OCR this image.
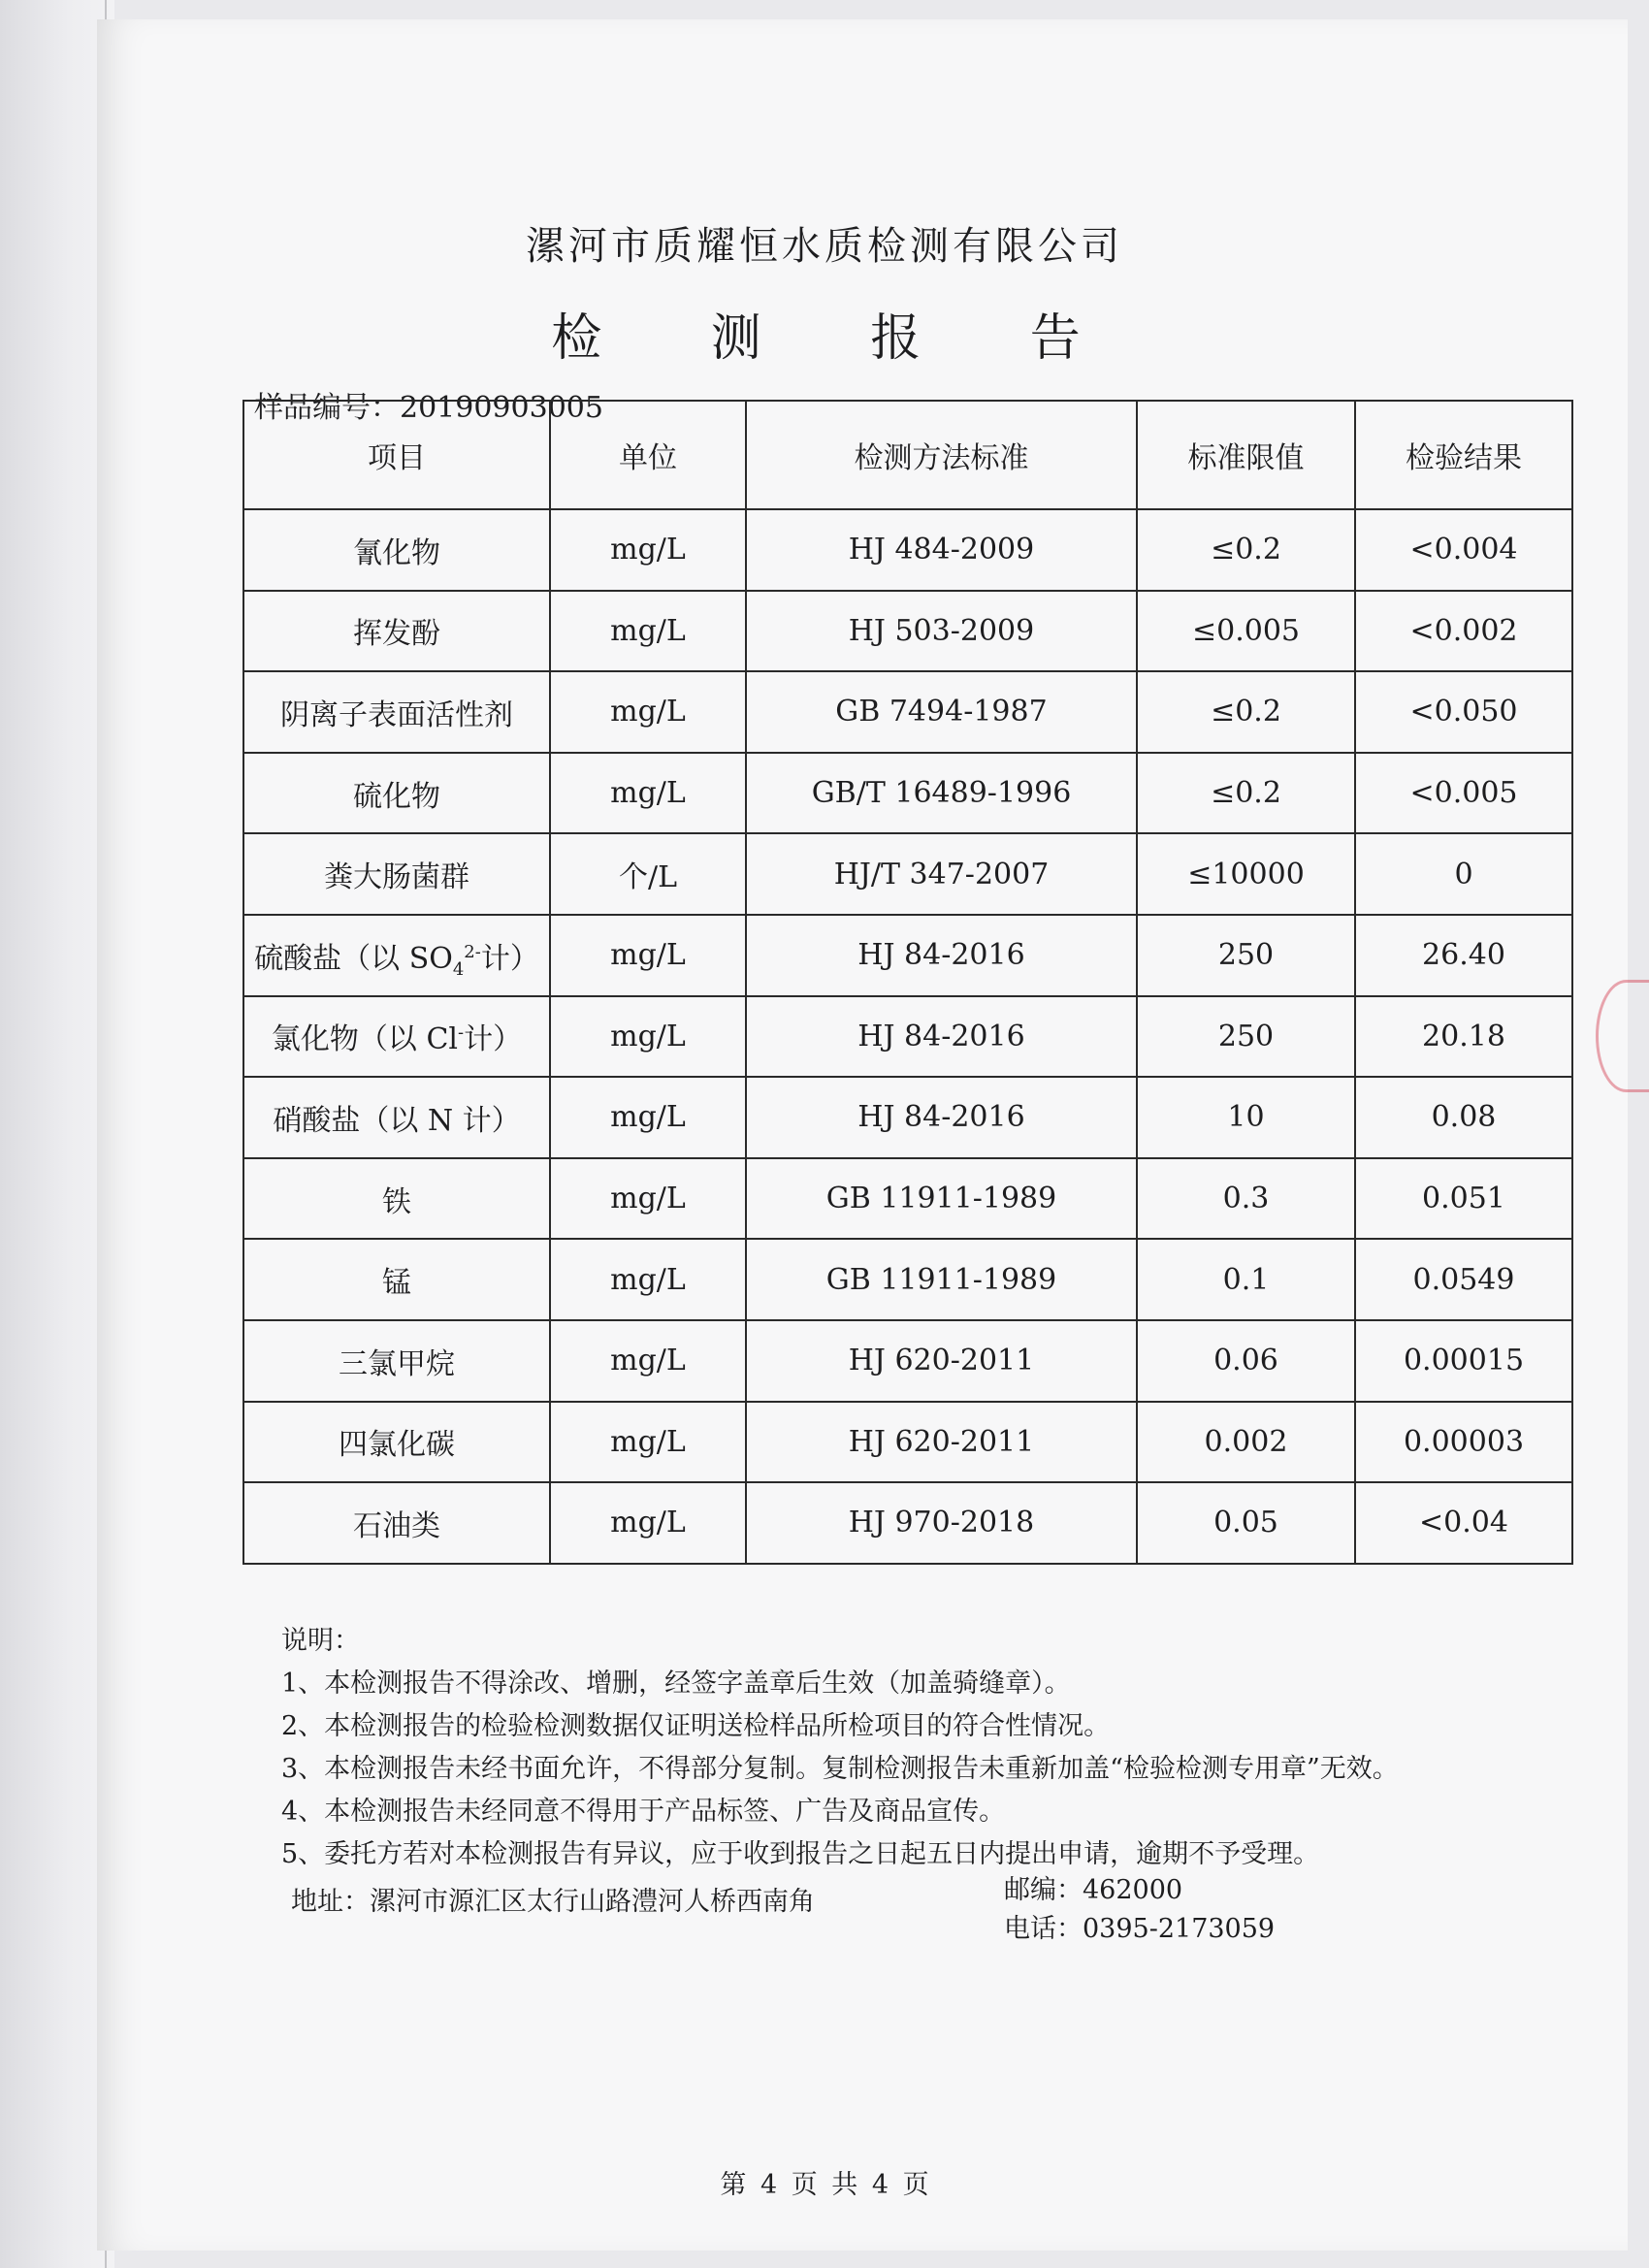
漯河市质耀恒水质检测有限公司
检 测 报 告
样品编号：20190903005
项目	单位	检测方法标准	标准限值	检验结果
氰化物	mg/L	HJ 484-2009	≤0.2	<0.004
挥发酚	mg/L	HJ 503-2009	≤0.005	<0.002
阴离子表面活性剂	mg/L	GB 7494-1987	≤0.2	<0.050
硫化物	mg/L	GB/T 16489-1996	≤0.2	<0.005
粪大肠菌群	个/L	HJ/T 347-2007	≤10000	0
硫酸盐（以 $SO_4^{2-}$计）	mg/L	HJ 84-2016	250	26.40
氯化物（以 Cl-计）	mg/L	HJ 84-2016	250	20.18
硝酸盐（以 N 计）	mg/L	HJ 84-2016	10	0.08
铁	mg/L	GB 11911-1989	0.3	0.051
锰	mg/L	GB 11911-1989	0.1	0.0549
三氯甲烷	mg/L	HJ 620-2011	0.06	0.00015
四氯化碳	mg/L	HJ 620-2011	0.002	0.00003
石油类	mg/L	HJ 970-2018	0.05	<0.04
说明：
1、本检测报告不得涂改、增删，经签字盖章后生效（加盖骑缝章）。
2、本检测报告的检验检测数据仅证明送检样品所检项目的符合性情况。
3、本检测报告未经书面允许，不得部分复制。复制检测报告未重新加盖“检验检测专用章”无效。
4、本检测报告未经同意不得用于产品标签、广告及商品宣传。
5、委托方若对本检测报告有异议，应于收到报告之日起五日内提出申请，逾期不予受理。
地址：漯河市源汇区太行山路澧河人桥西南角	邮编：462000
电话：0395-2173059
第 4 页 共 4 页
